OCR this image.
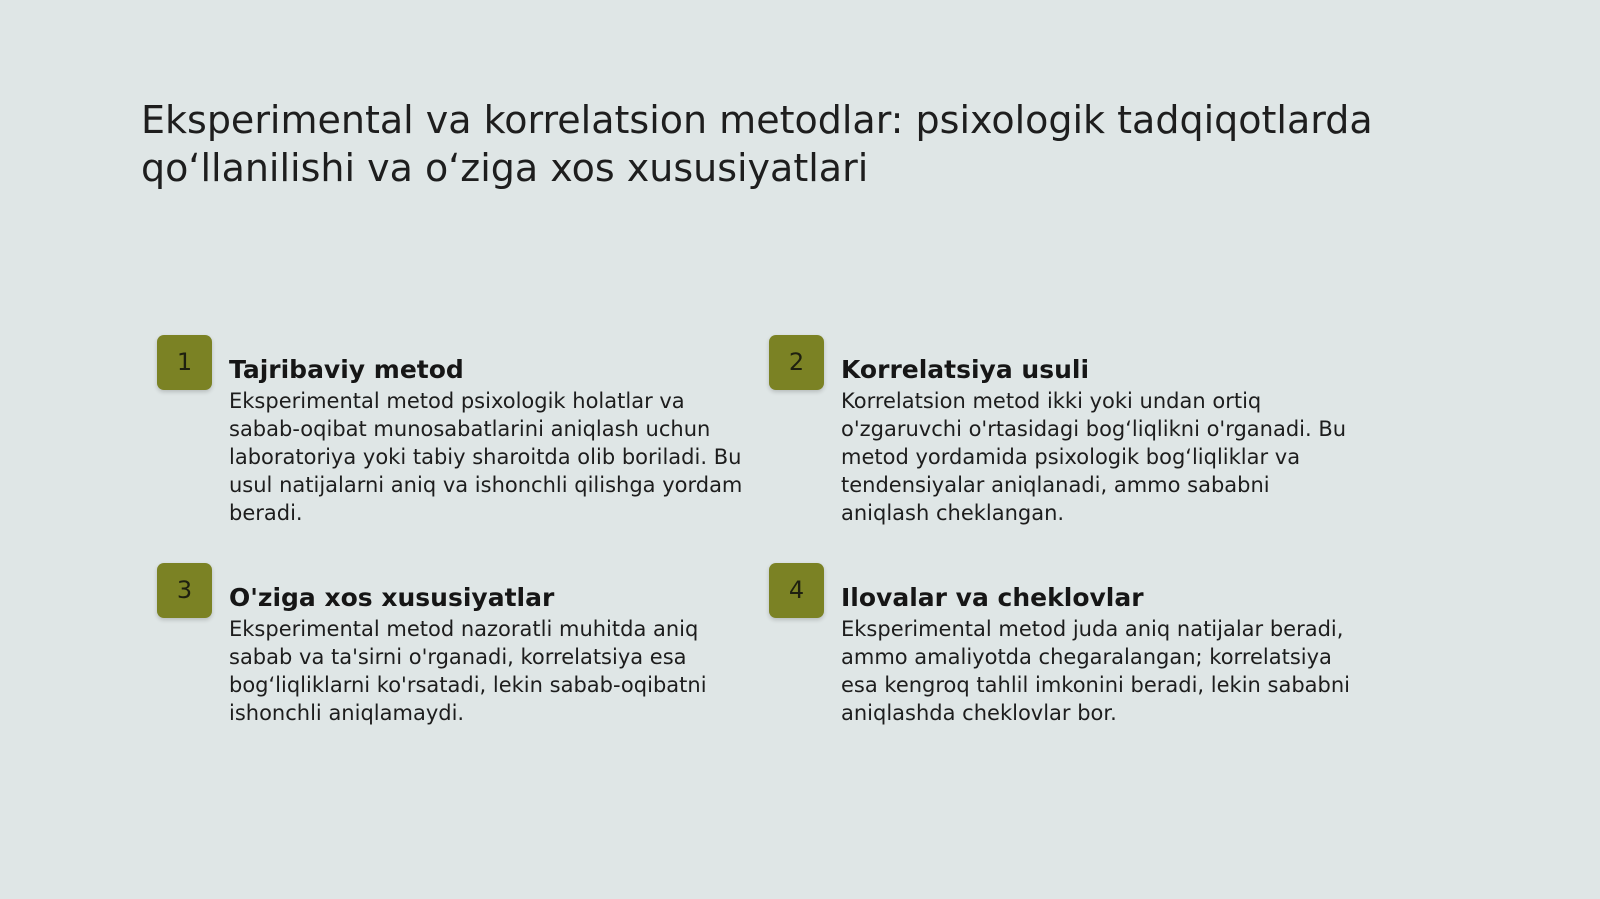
Eksperimental va korrelatsion metodlar: psixologik tadqiqotlarda qo‘llanilishi va o‘ziga xos xususiyatlari
1	Tajribaviy metod

Eksperimental metod psixologik holatlar va sabab-oqibat munosabatlarini aniqlash uchun laboratoriya yoki tabiy sharoitda olib boriladi. Bu usul natijalarni aniq va ishonchli qilishga yordam beradi.

2	Korrelatsiya usuli

Korrelatsion metod ikki yoki undan ortiq o'zgaruvchi o'rtasidagi bog‘liqlikni o'rganadi. Bu metod yordamida psixologik bog‘liqliklar va tendensiyalar aniqlanadi, ammo sababni aniqlash cheklangan.

3	O'ziga xos xususiyatlar

Eksperimental metod nazoratli muhitda aniq sabab va ta'sirni o'rganadi, korrelatsiya esa bog‘liqliklarni ko'rsatadi, lekin sabab-oqibatni ishonchli aniqlamaydi.

4	Ilovalar va cheklovlar

Eksperimental metod juda aniq natijalar beradi, ammo amaliyotda chegaralangan; korrelatsiya esa kengroq tahlil imkonini beradi, lekin sababni aniqlashda cheklovlar bor.
